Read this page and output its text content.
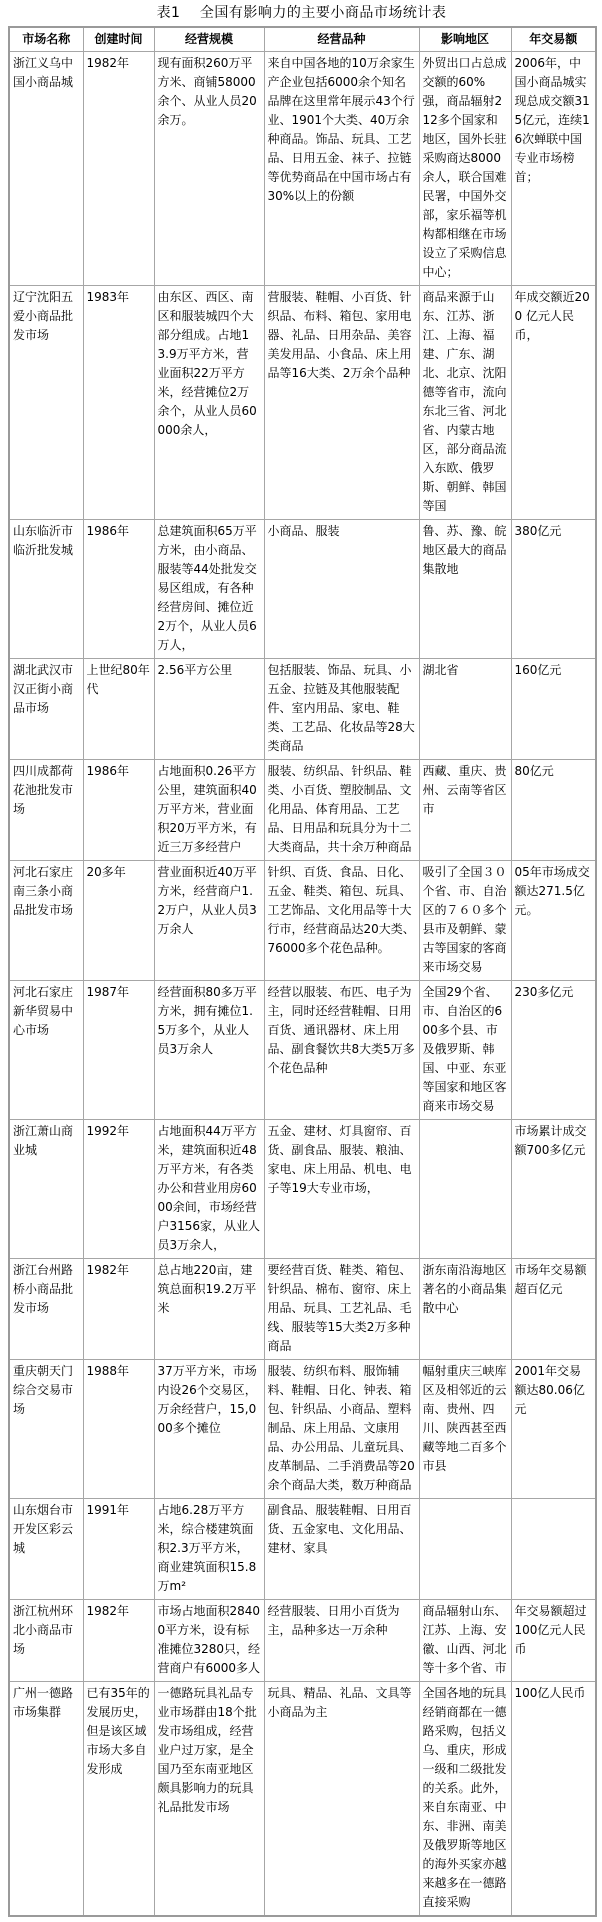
表1　 全国有影响力的主要小商品市场统计表
市场名称	创建时间	经营规模	经营品种	影响地区	年交易额
浙江义乌中国小商品城	1982年	现有面积260万平方米、商铺58000 余个、从业人员20余万。	来自中国各地的10万余家生产企业包括6000余个知名品牌在这里常年展示43个行业、1901个大类、40万余种商品。饰品、玩具、工艺品、日用五金、袜子、拉链等优势商品在中国市场占有30%以上的份额	外贸出口占总成交额的60%强，商品辐射212多个国家和地区，国外长驻采购商达8000余人，联合国难民署，中国外交部，家乐福等机构都相继在市场设立了采购信息中心；	2006年，中国小商品城实现总成交额315亿元，连续16次蝉联中国专业市场榜首；
辽宁沈阳五爱小商品批发市场	1983年	由东区、西区、南区和服装城四个大部分组成。占地13.9万平方米，营业面积22万平方米，经营摊位2万余个，从业人员60000余人，	营服装、鞋帽、小百货、针织品、布料、箱包、家用电器、礼品、日用杂品、美容美发用品、小食品、床上用品等16大类、2万余个品种	商品来源于山东、江苏、浙江、上海、福建、广东、湖北、北京、沈阳德等省市，流向东北三省、河北省、内蒙古地区，部分商品流入东欧、俄罗斯、朝鲜、韩国等国	年成交额近200 亿元人民币，
山东临沂市临沂批发城	1986年	总建筑面积65万平方米，由小商品、服装等44处批发交易区组成，有各种经营房间、摊位近2万个，从业人员6万人，	小商品、服装	鲁、苏、豫、皖地区最大的商品集散地	380亿元
湖北武汉市汉正街小商品市场	上世纪80年代	2.56平方公里	包括服装、饰品、玩具、小五金、拉链及其他服装配件、室内用品、家电、鞋类、工艺品、化妆品等28大类商品	湖北省	160亿元
四川成都荷花池批发市场	1986年	占地面积0.26平方公里，建筑面积40万平方米，营业面积20万平方米，有近三万多经营户	服装、纺织品、针织品、鞋类、小百货、塑胶制品、文化用品、体育用品、工艺品、日用品和玩具分为十二大类商品，共十余万种商品	西藏、重庆、贵州、云南等省区市	80亿元
河北石家庄南三条小商品批发市场	20多年	营业面积近40万平方米，经营商户1.2万户，从业人员3万余人	针织、百货、食品、日化、五金、鞋类、箱包、玩具、工艺饰品、文化用品等十大行市，经营商品达20大类、76000多个花色品种。	吸引了全国３０个省、市、自治区的７６０多个县市及朝鲜、蒙古等国家的客商来市场交易	05年市场成交额达271.5亿元。
河北石家庄新华贸易中心市场	1987年	经营面积80多万平方米，拥有摊位1.5万多个，从业人员3万余人	经营以服装、布匹、电子为主，同时还经营鞋帽、日用百货、通讯器材、床上用品、副食餐饮共8大类5万多个花色品种	全国29个省、市、自治区的600多个县、市及俄罗斯、韩国、中亚、东亚等国家和地区客商来市场交易	230多亿元
浙江萧山商业城	1992年	占地面积44万平方米，建筑面积近48万平方米，有各类办公和营业用房6000余间，市场经营户3156家，从业人员3万余人，	五金、建材、灯具窗帘、百货、副食品、服装、粮油、家电、床上用品、机电、电子等19大专业市场，		市场累计成交额700多亿元
浙江台州路桥小商品批发市场	1982年	总占地220亩，建筑总面积19.2万平米	要经营百货、鞋类、箱包、针织品、棉布、窗帘、床上用品、玩具、工艺礼品、毛线、服装等15大类2万多种商品	浙东南沿海地区著名的小商品集散中心	市场年交易额超百亿元
重庆朝天门综合交易市场	1988年	37万平方米，市场内设26个交易区，万余经营户，15,000多个摊位	服装、纺织布料、服饰辅料、鞋帽、日化、钟表、箱包、针织品、小商品、塑料制品、床上用品、文康用品、办公用品、儿童玩具、皮革制品、二手消费品等20余个商品大类，数万种商品	幅射重庆三峡库区及相邻近的云南、贵州、四川、陕西甚至西藏等地二百多个市县	2001年交易额达80.06亿元
山东烟台市开发区彩云城	1991年	占地6.28万平方米，综合楼建筑面积2.3万平方米，商业建筑面积15.8万m²	副食品、服装鞋帽、日用百货、五金家电、文化用品、建材、家具		
浙江杭州环北小商品市场	1982年	市场占地面积28400平方米，设有标准摊位3280只，经营商户有6000多人	经营服装、日用小百货为主，品种多达一万余种	商品辐射山东、江苏、上海、安徽、山西、河北等十多个省、市	年交易额超过100亿元人民币
广州一德路市场集群	已有35年的发展历史，但是该区域市场大多自发形成	一德路玩具礼品专业市场群由18个批发市场组成，经营业户过万家，是全国乃至东南亚地区颇具影响力的玩具礼品批发市场	玩具、精品、礼品、文具等小商品为主	全国各地的玩具经销商都在一德路采购，包括义乌、重庆，形成一级和二级批发的关系。此外，来自东南亚、中东、非洲、南美及俄罗斯等地区的海外买家亦越来越多在一德路直接采购	100亿人民币
